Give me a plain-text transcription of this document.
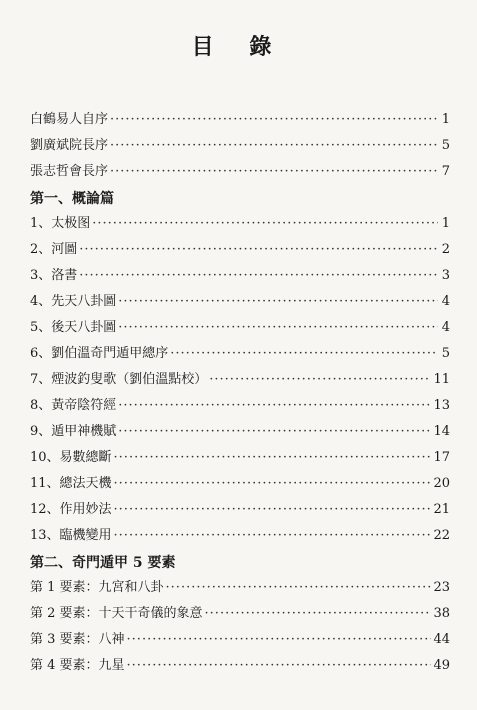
目 錄
白鶴易人自序 ·····	1
劉廣斌院長序 ·····	5
張志哲會長序 ·····	7
第一、概論篇
1、太极图 ·····	1
2、河圖 ·····	2
3、洛書 ·····	3
4、先天八卦圖 ·····	4
5、後天八卦圖 ·····	4
6、劉伯溫奇門遁甲總序 ·····	5
7、煙波釣叟歌（劉伯溫點校） ·····	11
8、黃帝陰符經 ·····	13
9、遁甲神機賦 ·····	14
10、易數總斷 ·····	17
11、總法天機 ·····	20
12、作用妙法 ·····	21
13、臨機變用 ·····	22
第二、奇門遁甲 5 要素
第 1 要素：九宮和八卦 ·····	23
第 2 要素：十天干奇儀的象意 ·····	38
第 3 要素：八神 ·····	44
第 4 要素：九星 ·····	49
